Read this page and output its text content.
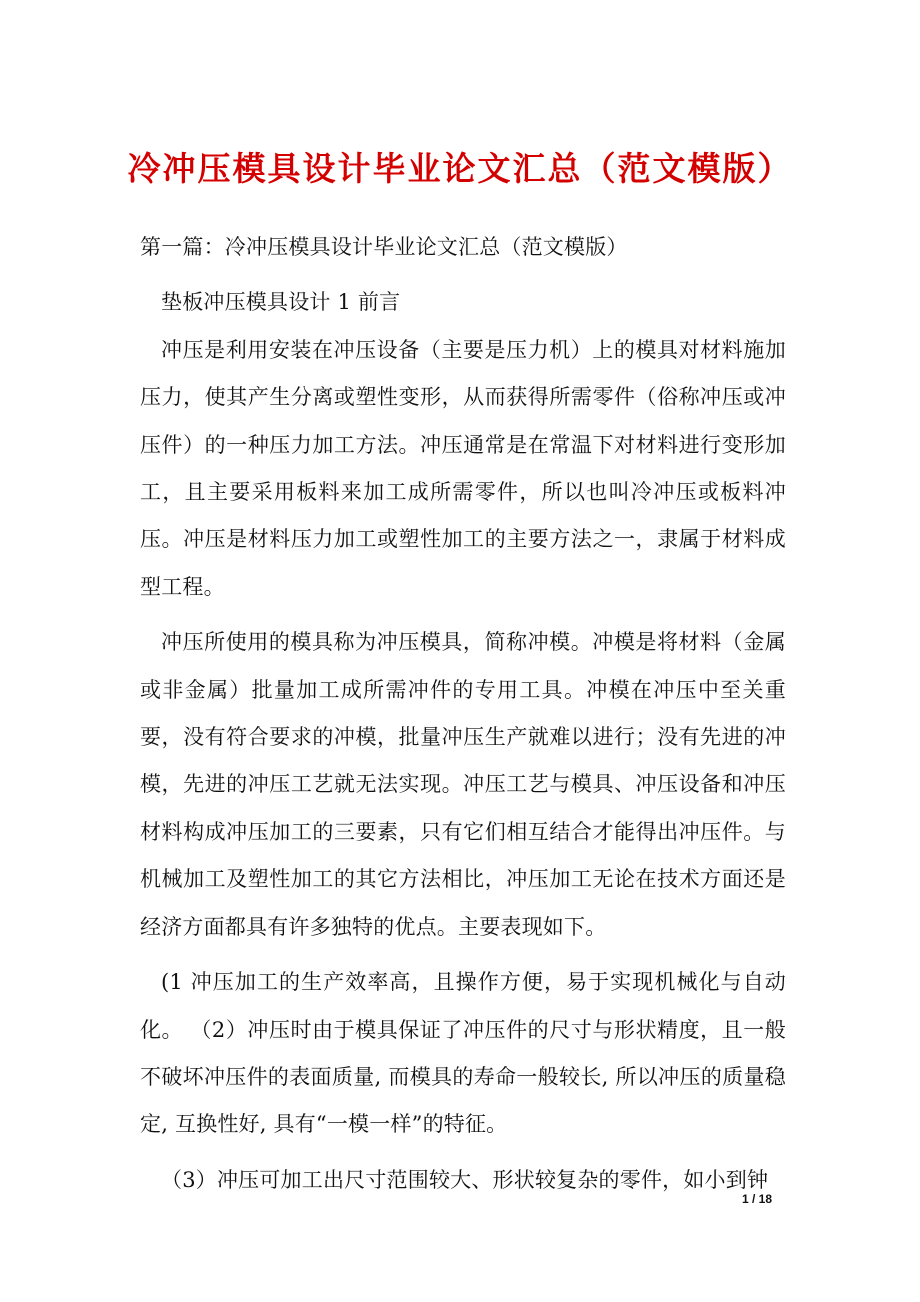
冷冲压模具设计毕业论文汇总（范文模版）

第一篇：冷冲压模具设计毕业论文汇总（范文模版）

垫板冲压模具设计 1 前言

冲压是利用安装在冲压设备（主要是压力机）上的模具对材料施加压力，使其产生分离或塑性变形，从而获得所需零件（俗称冲压或冲压件）的一种压力加工方法。冲压通常是在常温下对材料进行变形加工，且主要采用板料来加工成所需零件，所以也叫冷冲压或板料冲压。冲压是材料压力加工或塑性加工的主要方法之一，隶属于材料成型工程。

冲压所使用的模具称为冲压模具，简称冲模。冲模是将材料（金属或非金属）批量加工成所需冲件的专用工具。冲模在冲压中至关重要，没有符合要求的冲模，批量冲压生产就难以进行；没有先进的冲模，先进的冲压工艺就无法实现。冲压工艺与模具、冲压设备和冲压材料构成冲压加工的三要素，只有它们相互结合才能得出冲压件。与机械加工及塑性加工的其它方法相比，冲压加工无论在技术方面还是经济方面都具有许多独特的优点。主要表现如下。

(1 冲压加工的生产效率高，且操作方便，易于实现机械化与自动化。 （2）冲压时由于模具保证了冲压件的尺寸与形状精度，且一般不破坏冲压件的表面质量, 而模具的寿命一般较长, 所以冲压的质量稳定, 互换性好, 具有“一模一样”的特征。

（3）冲压可加工出尺寸范围较大、形状较复杂的零件，如小到钟

1 / 18
